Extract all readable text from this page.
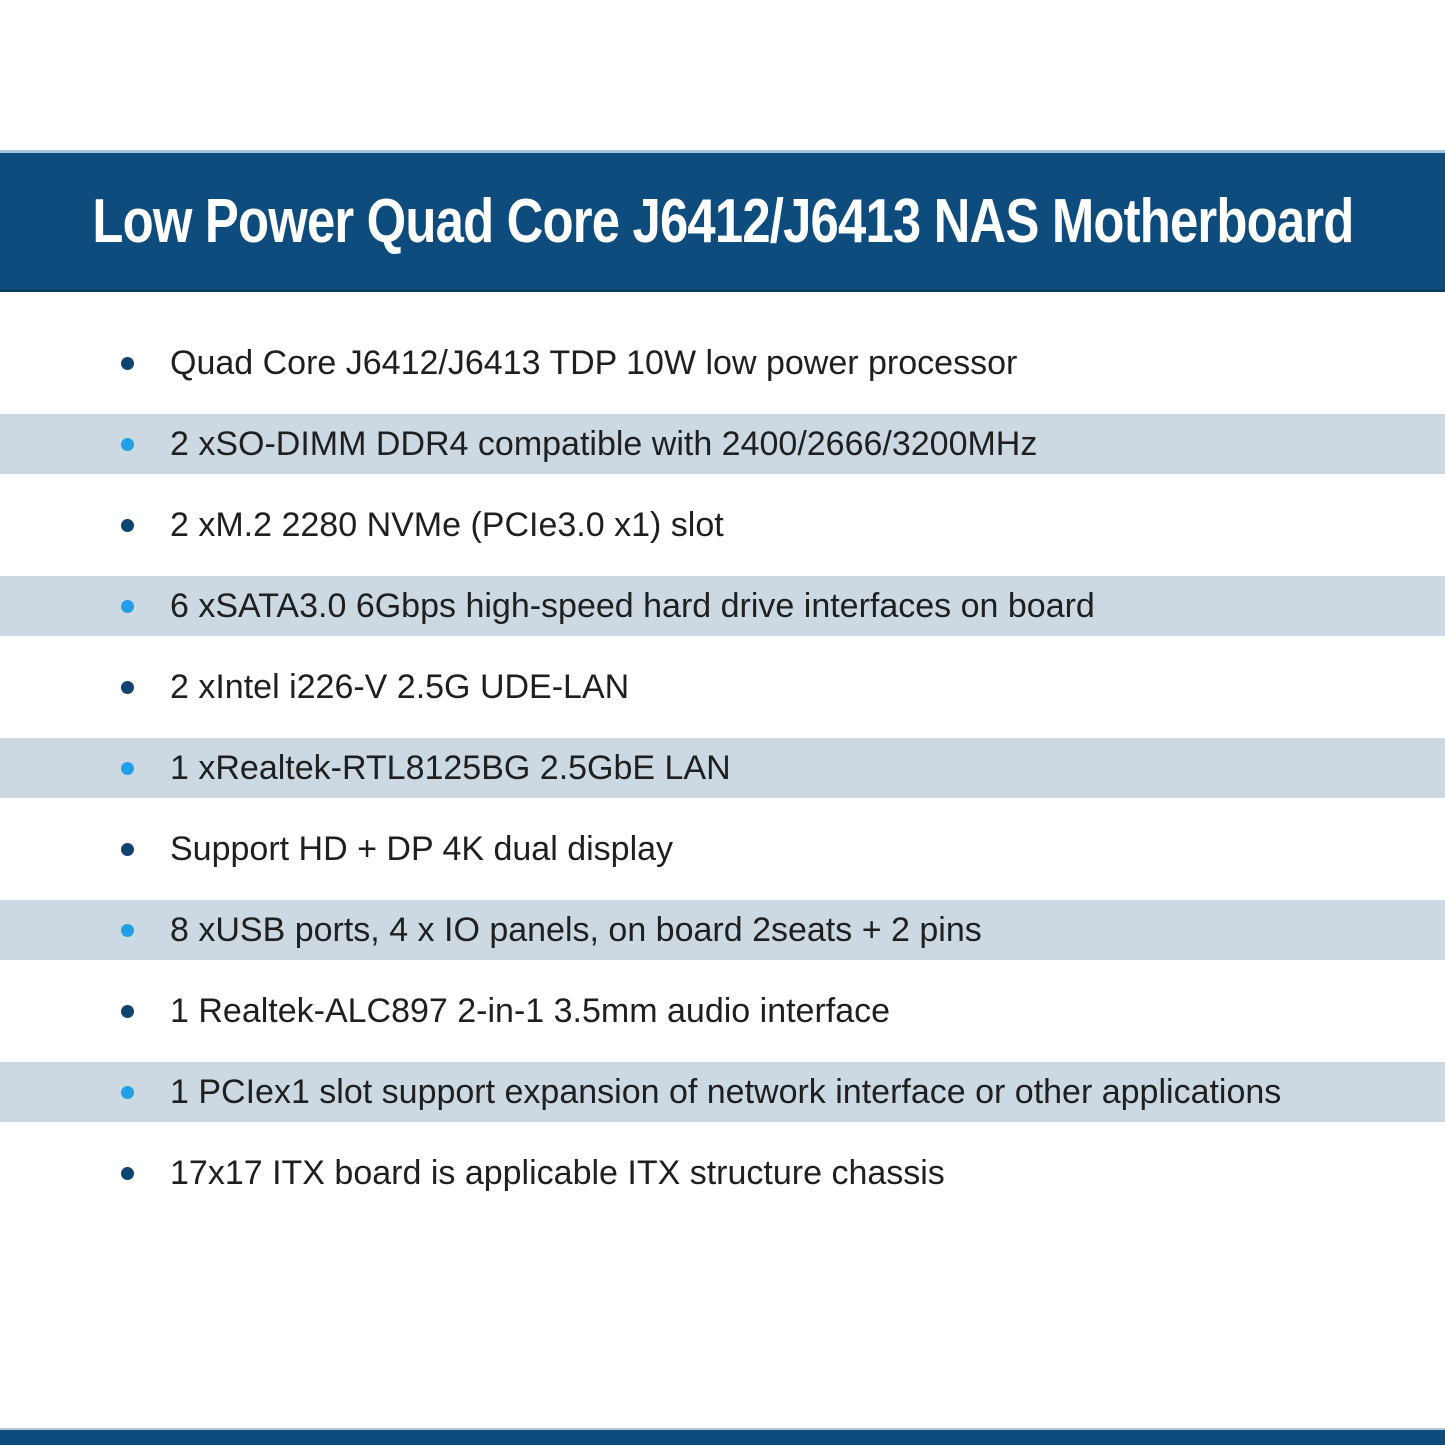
Low Power Quad Core J6412/J6413 NAS Motherboard
Quad Core J6412/J6413 TDP 10W low power processor
2 xSO-DIMM DDR4 compatible with 2400/2666/3200MHz
2 xM.2 2280 NVMe (PCIe3.0 x1) slot
6 xSATA3.0 6Gbps high-speed hard drive interfaces on board
2 xIntel i226-V 2.5G UDE-LAN
1 xRealtek-RTL8125BG 2.5GbE LAN
Support HD + DP 4K dual display
8 xUSB ports, 4 x IO panels, on board 2seats + 2 pins
1 Realtek-ALC897 2-in-1 3.5mm audio interface
1 PCIex1 slot support expansion of network interface or other applications
17x17 ITX board is applicable ITX structure chassis
